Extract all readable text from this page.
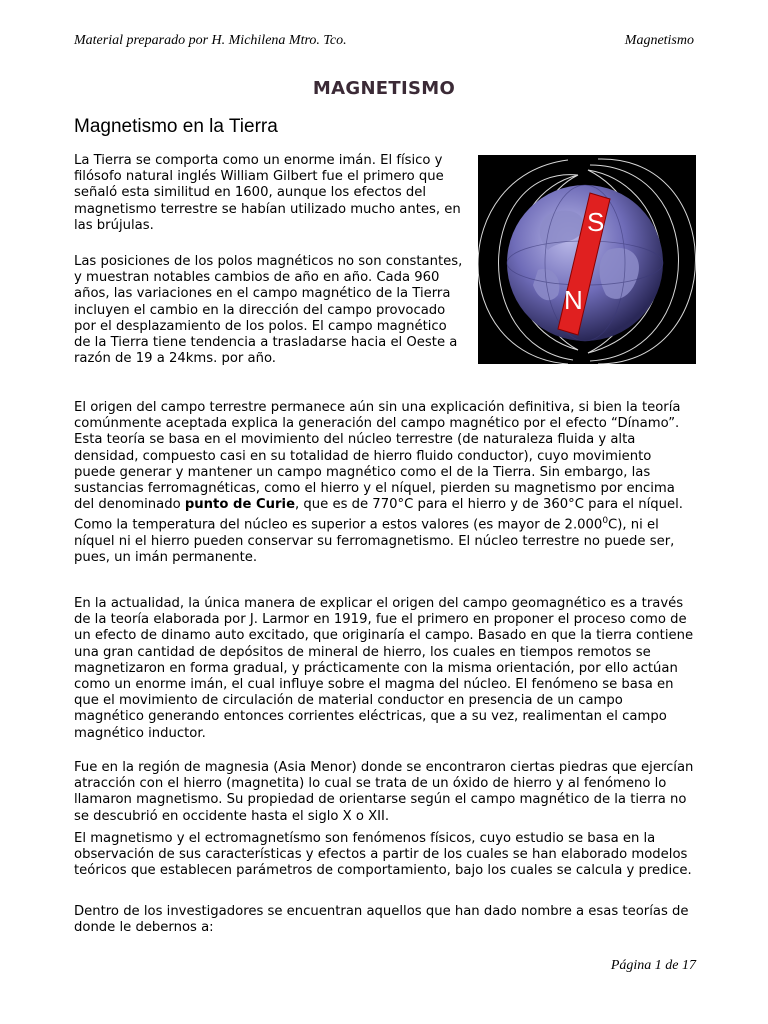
Material preparado por H. Michilena Mtro. Tco.	Magnetismo
MAGNETISMO
Magnetismo en la Tierra

La Tierra se comporta como un enorme imán. El físico y filósofo natural inglés William Gilbert fue el primero que señaló esta similitud en 1600, aunque los efectos del magnetismo terrestre se habían utilizado mucho antes, en las brújulas.

Las posiciones de los polos magnéticos no son constantes, y muestran notables cambios de año en año. Cada 960 años, las variaciones en el campo magnético de la Tierra incluyen el cambio en la dirección del campo provocado por el desplazamiento de los polos. El campo magnético de la Tierra tiene tendencia a trasladarse hacia el Oeste a razón de 19 a 24kms. por año.

S
N

El origen del campo terrestre permanece aún sin una explicación definitiva, si bien la teoría comúnmente aceptada explica la generación del campo magnético por el efecto “Dínamo”. Esta teoría se basa en el movimiento del núcleo terrestre (de naturaleza fluida y alta densidad, compuesto casi en su totalidad de hierro fluido conductor), cuyo movimiento puede generar y mantener un campo magnético como el de la Tierra. Sin embargo, las sustancias ferromagnéticas, como el hierro y el níquel, pierden su magnetismo por encima del denominado punto de Curie, que es de 770°C para el hierro y de 360°C para el níquel. Como la temperatura del núcleo es superior a estos valores (es mayor de 2.000$^0$C), ni el níquel ni el hierro pueden conservar su ferromagnetismo. El núcleo terrestre no puede ser, pues, un imán permanente.

En la actualidad, la única manera de explicar el origen del campo geomagnético es a través de la teoría elaborada por J. Larmor en 1919, fue el primero en proponer el proceso como de un efecto de dinamo auto excitado, que originaría el campo. Basado en que la tierra contiene una gran cantidad de depósitos de mineral de hierro, los cuales en tiempos remotos se magnetizaron en forma gradual, y prácticamente con la misma orientación, por ello actúan como un enorme imán, el cual influye sobre el magma del núcleo. El fenómeno se basa en que el movimiento de circulación de material conductor en presencia de un campo magnético generando entonces corrientes eléctricas, que a su vez, realimentan el campo magnético inductor.

Fue en la región de magnesia (Asia Menor) donde se encontraron ciertas piedras que ejercían atracción con el hierro (magnetita) lo cual se trata de un óxido de hierro y al fenómeno lo llamaron magnetismo. Su propiedad de orientarse según el campo magnético de la tierra no se descubrió en occidente hasta el siglo X o XII.

El magnetismo y el ectromagnetísmo son fenómenos físicos, cuyo estudio se basa en la observación de sus características y efectos a partir de los cuales se han elaborado modelos teóricos que establecen parámetros de comportamiento, bajo los cuales se calcula y predice.

Dentro de los investigadores se encuentran aquellos que han dado nombre a esas teorías de donde le debernos a:

Página 1 de 17
